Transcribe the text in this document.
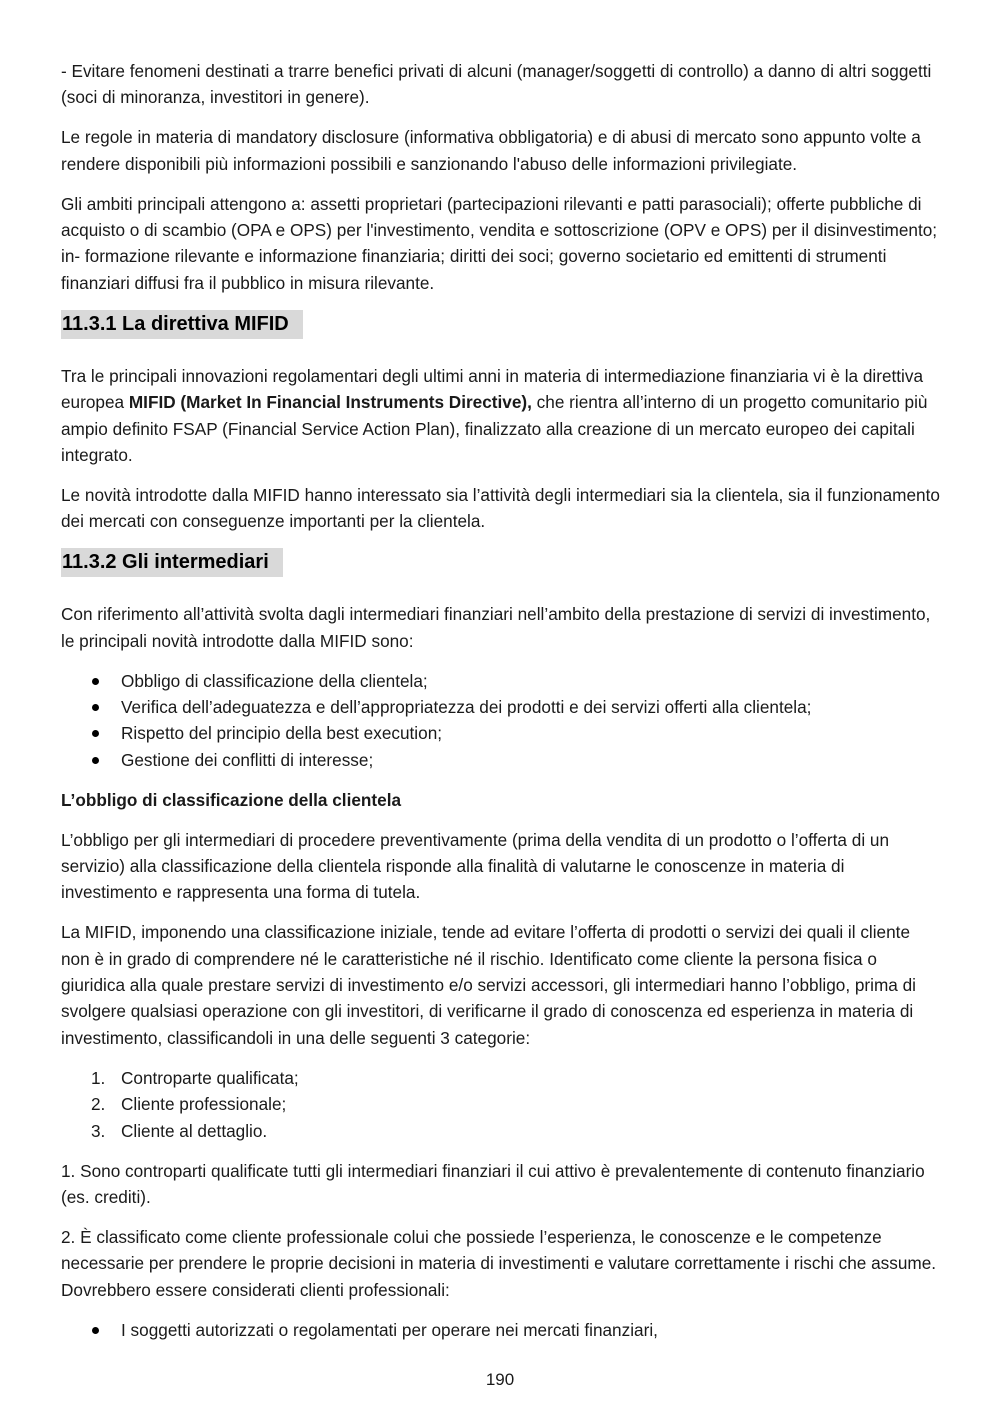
- Evitare fenomeni destinati a trarre benefici privati di alcuni (manager/soggetti di controllo) a danno di altri soggetti (soci di minoranza, investitori in genere).

Le regole in materia di mandatory disclosure (informativa obbligatoria) e di abusi di mercato sono appunto volte a rendere disponibili più informazioni possibili e sanzionando l'abuso delle informazioni privilegiate.

Gli ambiti principali attengono a: assetti proprietari (partecipazioni rilevanti e patti parasociali); offerte pubbliche di acquisto o di scambio (OPA e OPS) per l'investimento, vendita e sottoscrizione (OPV e OPS) per il disinvestimento; in- formazione rilevante e informazione finanziaria; diritti dei soci; governo societario ed emittenti di strumenti finanziari diffusi fra il pubblico in misura rilevante.

11.3.1 La direttiva MIFID

Tra le principali innovazioni regolamentari degli ultimi anni in materia di intermediazione finanziaria vi è la direttiva europea MIFID (Market In Financial Instruments Directive), che rientra all’interno di un progetto comunitario più ampio definito FSAP (Financial Service Action Plan), finalizzato alla creazione di un mercato europeo dei capitali integrato.

Le novità introdotte dalla MIFID hanno interessato sia l’attività degli intermediari sia la clientela, sia il funzionamento dei mercati con conseguenze importanti per la clientela.

11.3.2 Gli intermediari

Con riferimento all’attività svolta dagli intermediari finanziari nell’ambito della prestazione di servizi di investimento, le principali novità introdotte dalla MIFID sono:

Obbligo di classificazione della clientela;
Verifica dell’adeguatezza e dell’appropriatezza dei prodotti e dei servizi offerti alla clientela;
Rispetto del principio della best execution;
Gestione dei conflitti di interesse;
L’obbligo di classificazione della clientela

L’obbligo per gli intermediari di procedere preventivamente (prima della vendita di un prodotto o l’offerta di un servizio) alla classificazione della clientela risponde alla finalità di valutarne le conoscenze in materia di investimento e rappresenta una forma di tutela.

La MIFID, imponendo una classificazione iniziale, tende ad evitare l’offerta di prodotti o servizi dei quali il cliente non è in grado di comprendere né le caratteristiche né il rischio. Identificato come cliente la persona fisica o giuridica alla quale prestare servizi di investimento e/o servizi accessori, gli intermediari hanno l’obbligo, prima di svolgere qualsiasi operazione con gli investitori, di verificarne il grado di conoscenza ed esperienza in materia di investimento, classificandoli in una delle seguenti 3 categorie:

1. Controparte qualificata;
2. Cliente professionale;
3. Cliente al dettaglio.

1. Sono controparti qualificate tutti gli intermediari finanziari il cui attivo è prevalentemente di contenuto finanziario (es. crediti).

2. È classificato come cliente professionale colui che possiede l’esperienza, le conoscenze e le competenze necessarie per prendere le proprie decisioni in materia di investimenti e valutare correttamente i rischi che assume. Dovrebbero essere considerati clienti professionali:

I soggetti autorizzati o regolamentati per operare nei mercati finanziari,
190
